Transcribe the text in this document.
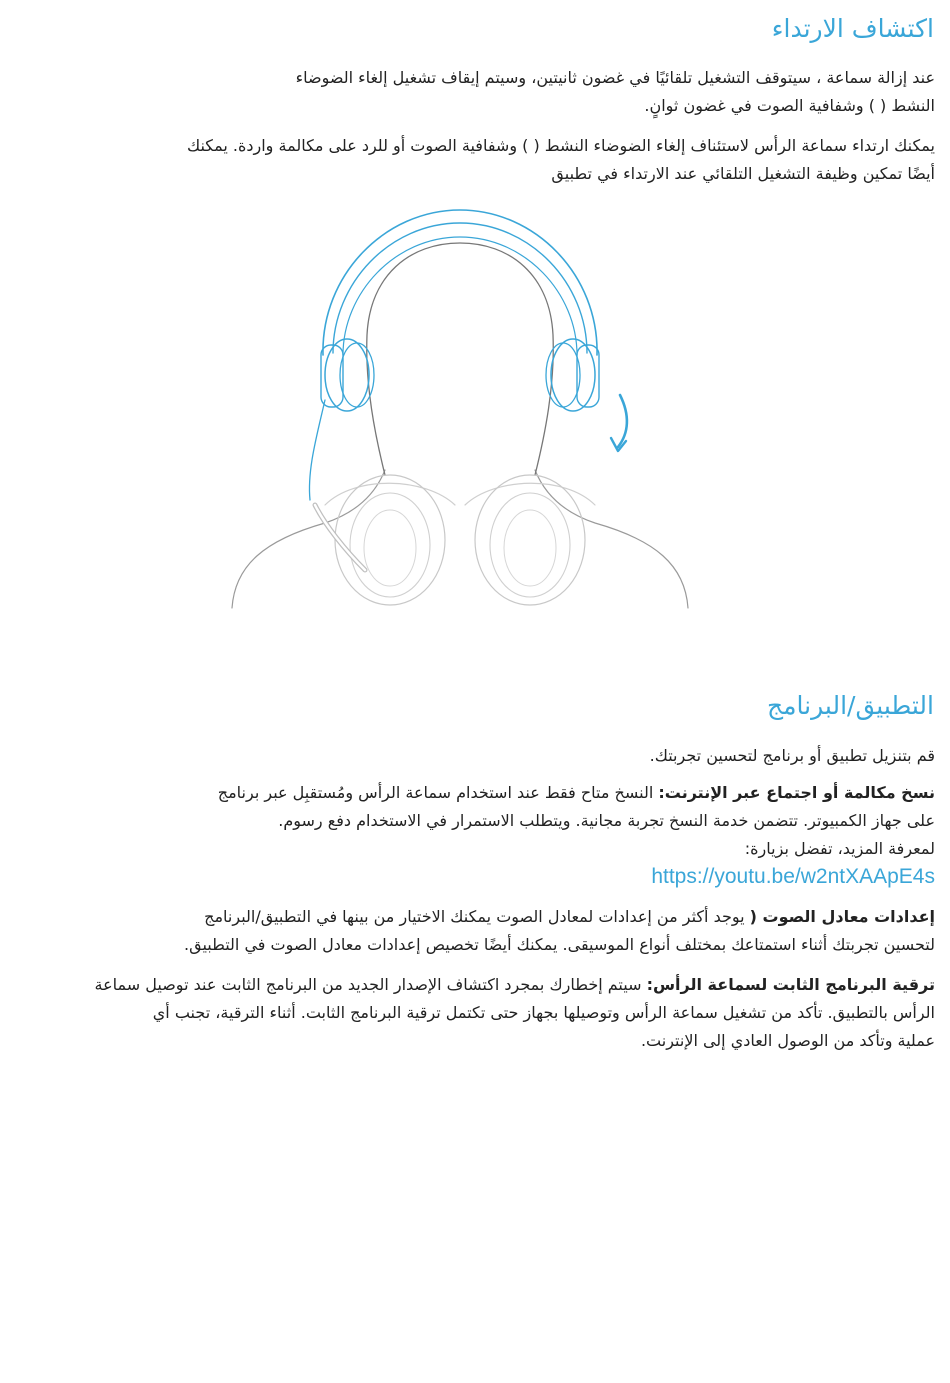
اكتشاف الارتداء

عند إزالة سماعة ، سيتوقف التشغيل تلقائيًا في غضون ثانيتين، وسيتم إيقاف تشغيل إلغاء الضوضاء
النشط ( ) وشفافية الصوت في غضون ثوانٍ.

يمكنك ارتداء سماعة الرأس لاستئناف إلغاء الضوضاء النشط ( ) وشفافية الصوت أو للرد على مكالمة واردة. يمكنك
أيضًا تمكين وظيفة التشغيل التلقائي عند الارتداء في تطبيق

التطبيق/البرنامج

قم بتنزيل تطبيق أو برنامج لتحسين تجربتك.

نسخ مكالمة أو اجتماع عبر الإنترنت: النسخ متاح فقط عند استخدام سماعة الرأس ومُستقبِل عبر برنامج
على جهاز الكمبيوتر. تتضمن خدمة النسخ تجربة مجانية. ويتطلب الاستمرار في الاستخدام دفع رسوم.
لمعرفة المزيد، تفضل بزيارة:
https://youtu.be/w2ntXAApE4s

إعدادات معادل الصوت ( يوجد أكثر من إعدادات لمعادل الصوت يمكنك الاختيار من بينها في التطبيق/البرنامج
لتحسين تجربتك أثناء استمتاعك بمختلف أنواع الموسيقى. يمكنك أيضًا تخصيص إعدادات معادل الصوت في التطبيق.

ترقية البرنامج الثابت لسماعة الرأس: سيتم إخطارك بمجرد اكتشاف الإصدار الجديد من البرنامج الثابت عند توصيل سماعة
الرأس بالتطبيق. تأكد من تشغيل سماعة الرأس وتوصيلها بجهاز حتى تكتمل ترقية البرنامج الثابت. أثناء الترقية، تجنب أي
عملية وتأكد من الوصول العادي إلى الإنترنت.
